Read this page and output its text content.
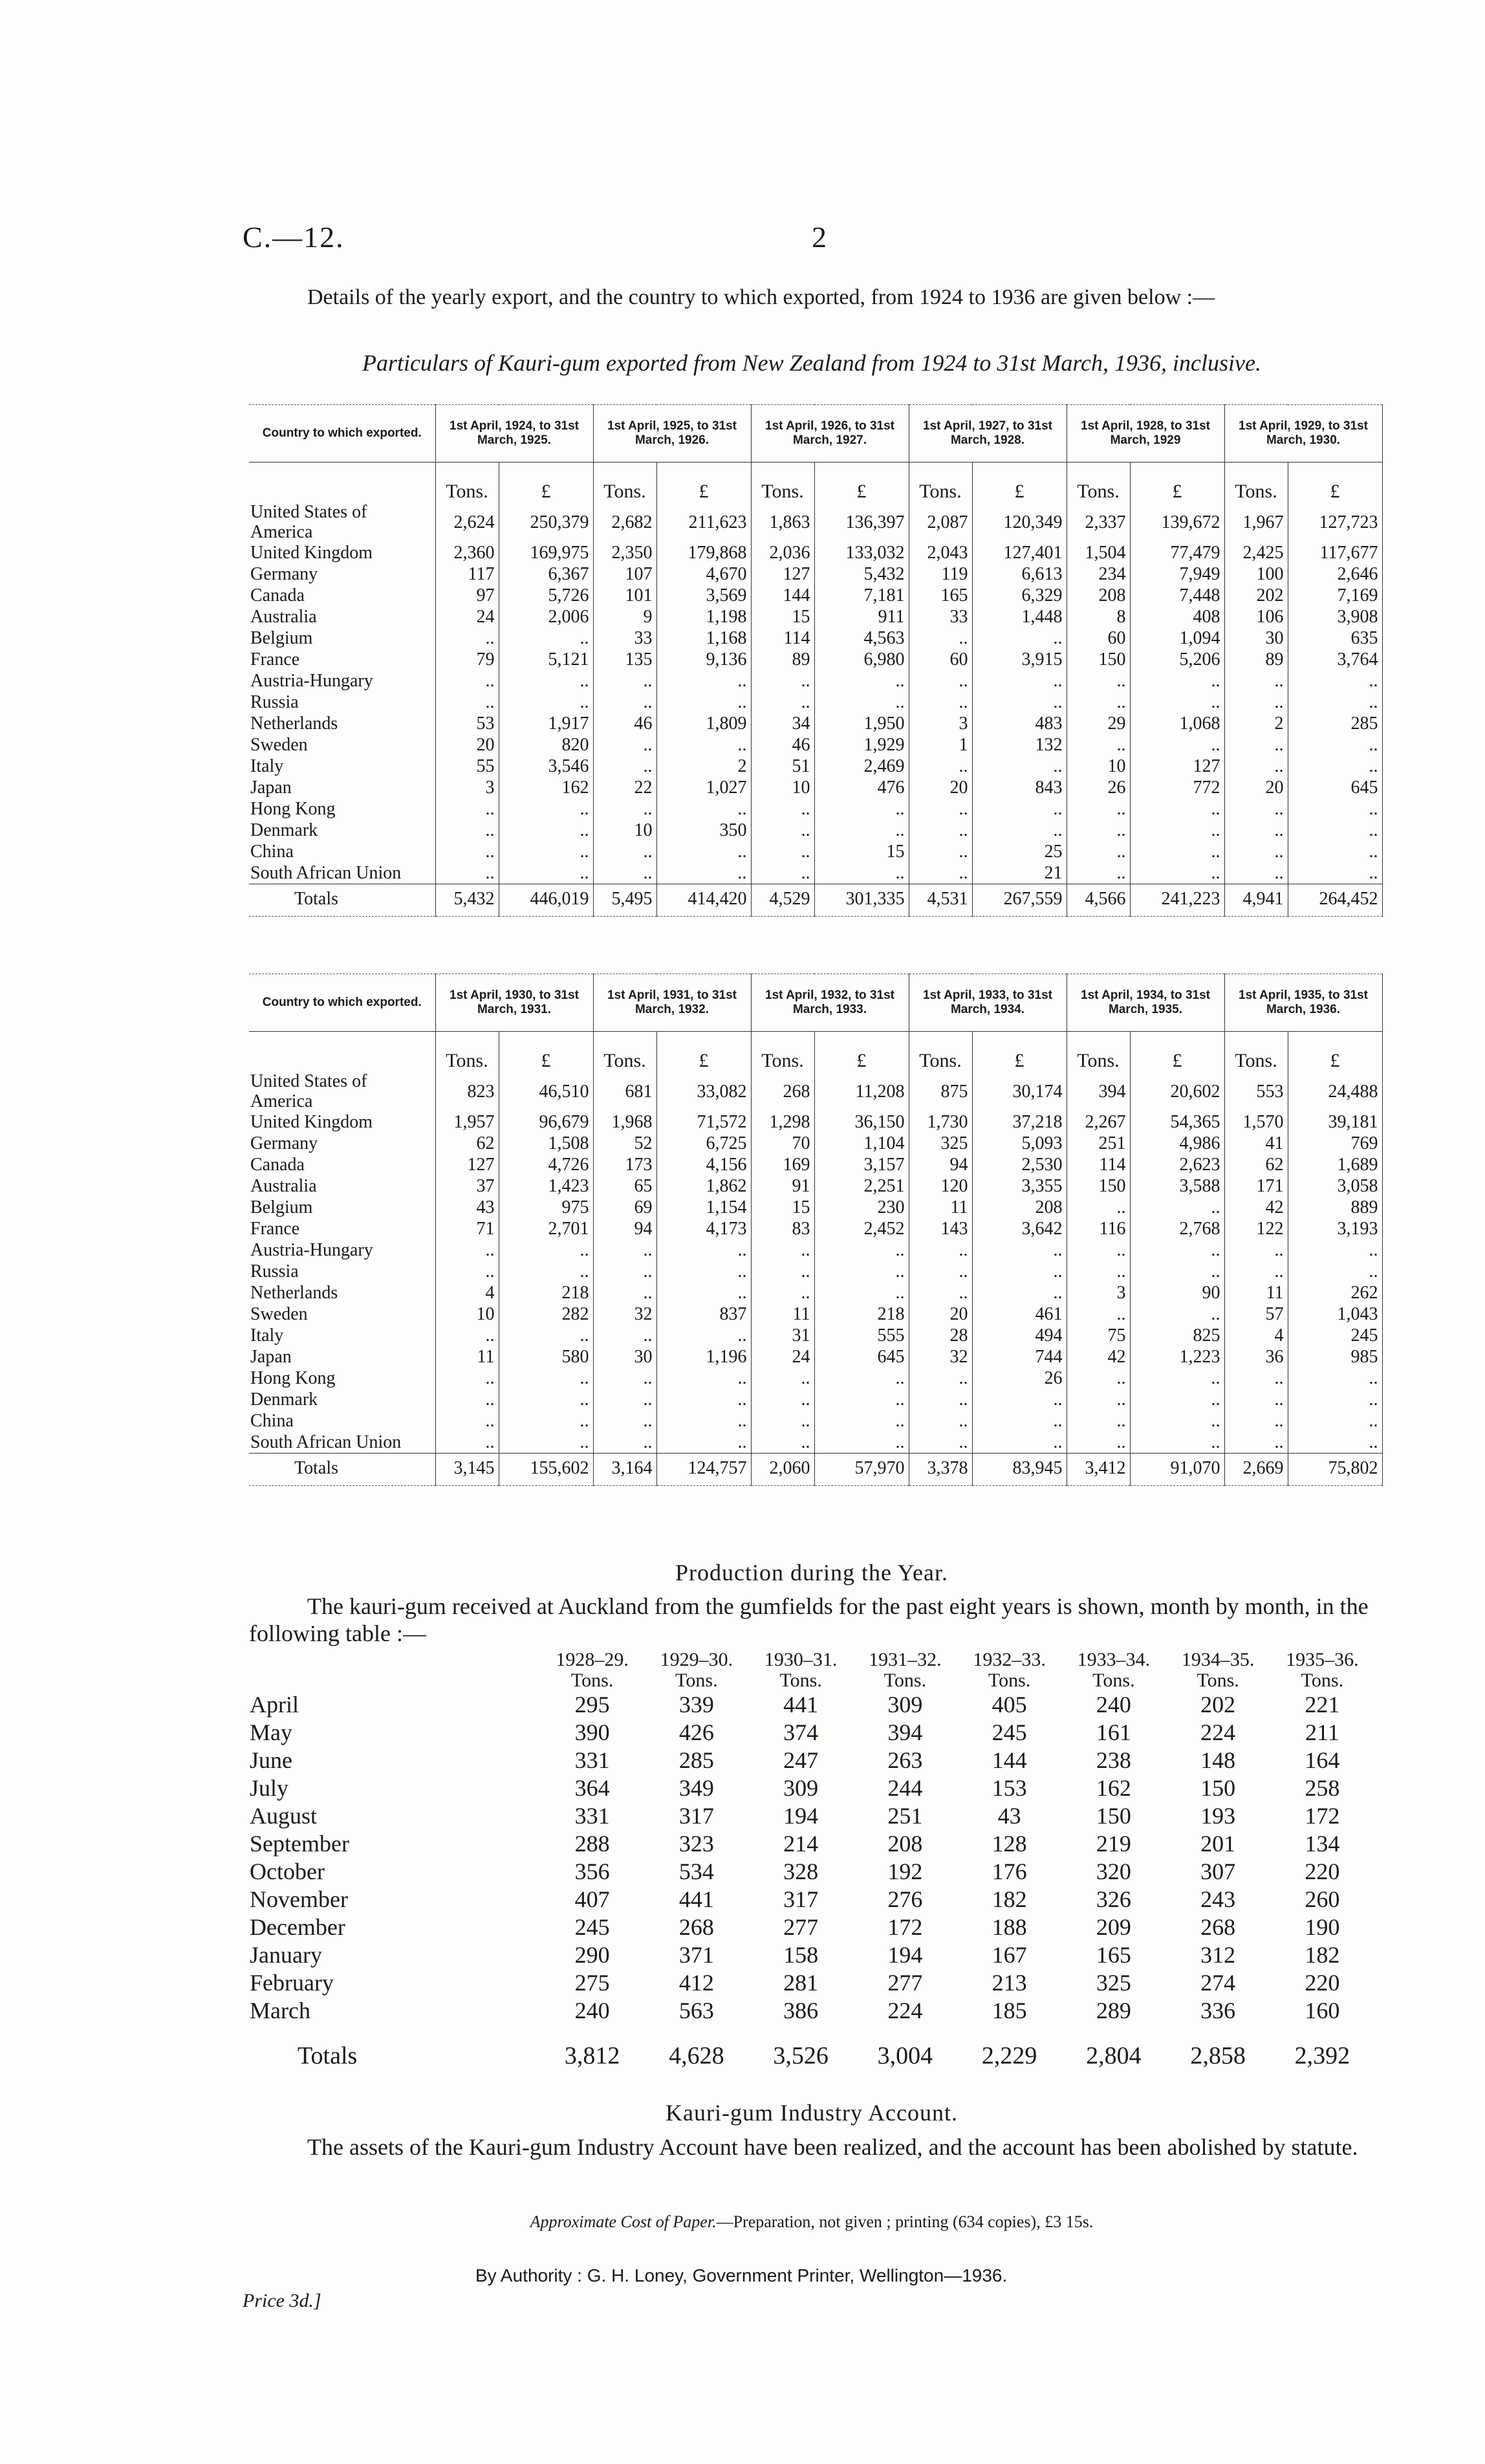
C.—12.	2
Details of the yearly export, and the country to which exported, from 1924 to 1936 are given below :—
Particulars of Kauri-gum exported from New Zealand from 1924 to 31st March, 1936, inclusive.
Country to which exported.	1st April, 1924, to 31st March, 1925.		1st April, 1925, to 31st March, 1926.		1st April, 1926, to 31st March, 1927.		1st April, 1927, to 31st March, 1928.		1st April, 1928, to 31st March, 1929		1st April, 1929, to 31st March, 1930.	
	Tons.	£	Tons.	£	Tons.	£	Tons.	£	Tons.	£	Tons.	£
United States of America	2,624	250,379	2,682	211,623	1,863	136,397	2,087	120,349	2,337	139,672	1,967	127,723
United Kingdom	2,360	169,975	2,350	179,868	2,036	133,032	2,043	127,401	1,504	77,479	2,425	117,677
Germany	117	6,367	107	4,670	127	5,432	119	6,613	234	7,949	100	2,646
Canada	97	5,726	101	3,569	144	7,181	165	6,329	208	7,448	202	7,169
Australia	24	2,006	9	1,198	15	911	33	1,448	8	408	106	3,908
Belgium	..	..	33	1,168	114	4,563	..	..	60	1,094	30	635
France	79	5,121	135	9,136	89	6,980	60	3,915	150	5,206	89	3,764
Austria-Hungary	..	..	..	..	..	..	..	..	..	..	..	..
Russia	..	..	..	..	..	..	..	..	..	..	..	..
Netherlands	53	1,917	46	1,809	34	1,950	3	483	29	1,068	2	285
Sweden	20	820	..	..	46	1,929	1	132	..	..	..	..
Italy	55	3,546	..	2	51	2,469	..	..	10	127	..	..
Japan	3	162	22	1,027	10	476	20	843	26	772	20	645
Hong Kong	..	..	..	..	..	..	..	..	..	..	..	..
Denmark	..	..	10	350	..	..	..	..	..	..	..	..
China	..	..	..	..	..	15	..	25	..	..	..	..
South African Union	..	..	..	..	..	..	..	21	..	..	..	..
Totals	5,432	446,019	5,495	414,420	4,529	301,335	4,531	267,559	4,566	241,223	4,941	264,452
Country to which exported.	1st April, 1930, to 31st March, 1931.		1st April, 1931, to 31st March, 1932.		1st April, 1932, to 31st March, 1933.		1st April, 1933, to 31st March, 1934.		1st April, 1934, to 31st March, 1935.		1st April, 1935, to 31st March, 1936.	
	Tons.	£	Tons.	£	Tons.	£	Tons.	£	Tons.	£	Tons.	£
United States of America	823	46,510	681	33,082	268	11,208	875	30,174	394	20,602	553	24,488
United Kingdom	1,957	96,679	1,968	71,572	1,298	36,150	1,730	37,218	2,267	54,365	1,570	39,181
Germany	62	1,508	52	6,725	70	1,104	325	5,093	251	4,986	41	769
Canada	127	4,726	173	4,156	169	3,157	94	2,530	114	2,623	62	1,689
Australia	37	1,423	65	1,862	91	2,251	120	3,355	150	3,588	171	3,058
Belgium	43	975	69	1,154	15	230	11	208	..	..	42	889
France	71	2,701	94	4,173	83	2,452	143	3,642	116	2,768	122	3,193
Austria-Hungary	..	..	..	..	..	..	..	..	..	..	..	..
Russia	..	..	..	..	..	..	..	..	..	..	..	..
Netherlands	4	218	..	..	..	..	..	..	3	90	11	262
Sweden	10	282	32	837	11	218	20	461	..	..	57	1,043
Italy	..	..	..	..	31	555	28	494	75	825	4	245
Japan	11	580	30	1,196	24	645	32	744	42	1,223	36	985
Hong Kong	..	..	..	..	..	..	..	26	..	..	..	..
Denmark	..	..	..	..	..	..	..	..	..	..	..	..
China	..	..	..	..	..	..	..	..	..	..	..	..
South African Union	..	..	..	..	..	..	..	..	..	..	..	..
Totals	3,145	155,602	3,164	124,757	2,060	57,970	3,378	83,945	3,412	91,070	2,669	75,802
Production during the Year.
The kauri-gum received at Auckland from the gumfields for the past eight years is shown, month by month, in the following table :—
	1928–29.	1929–30.	1930–31.	1931–32.	1932–33.	1933–34.	1934–35.	1935–36.
	Tons.	Tons.	Tons.	Tons.	Tons.	Tons.	Tons.	Tons.
April	295	339	441	309	405	240	202	221
May	390	426	374	394	245	161	224	211
June	331	285	247	263	144	238	148	164
July	364	349	309	244	153	162	150	258
August	331	317	194	251	43	150	193	172
September	288	323	214	208	128	219	201	134
October	356	534	328	192	176	320	307	220
November	407	441	317	276	182	326	243	260
December	245	268	277	172	188	209	268	190
January	290	371	158	194	167	165	312	182
February	275	412	281	277	213	325	274	220
March	240	563	386	224	185	289	336	160
Totals	3,812	4,628	3,526	3,004	2,229	2,804	2,858	2,392
Kauri-gum Industry Account.
The assets of the Kauri-gum Industry Account have been realized, and the account has been abolished by statute.
Approximate Cost of Paper.—Preparation, not given ; printing (634 copies), £3 15s.
By Authority : G. H. Loney, Government Printer, Wellington—1936.
Price 3d.]
